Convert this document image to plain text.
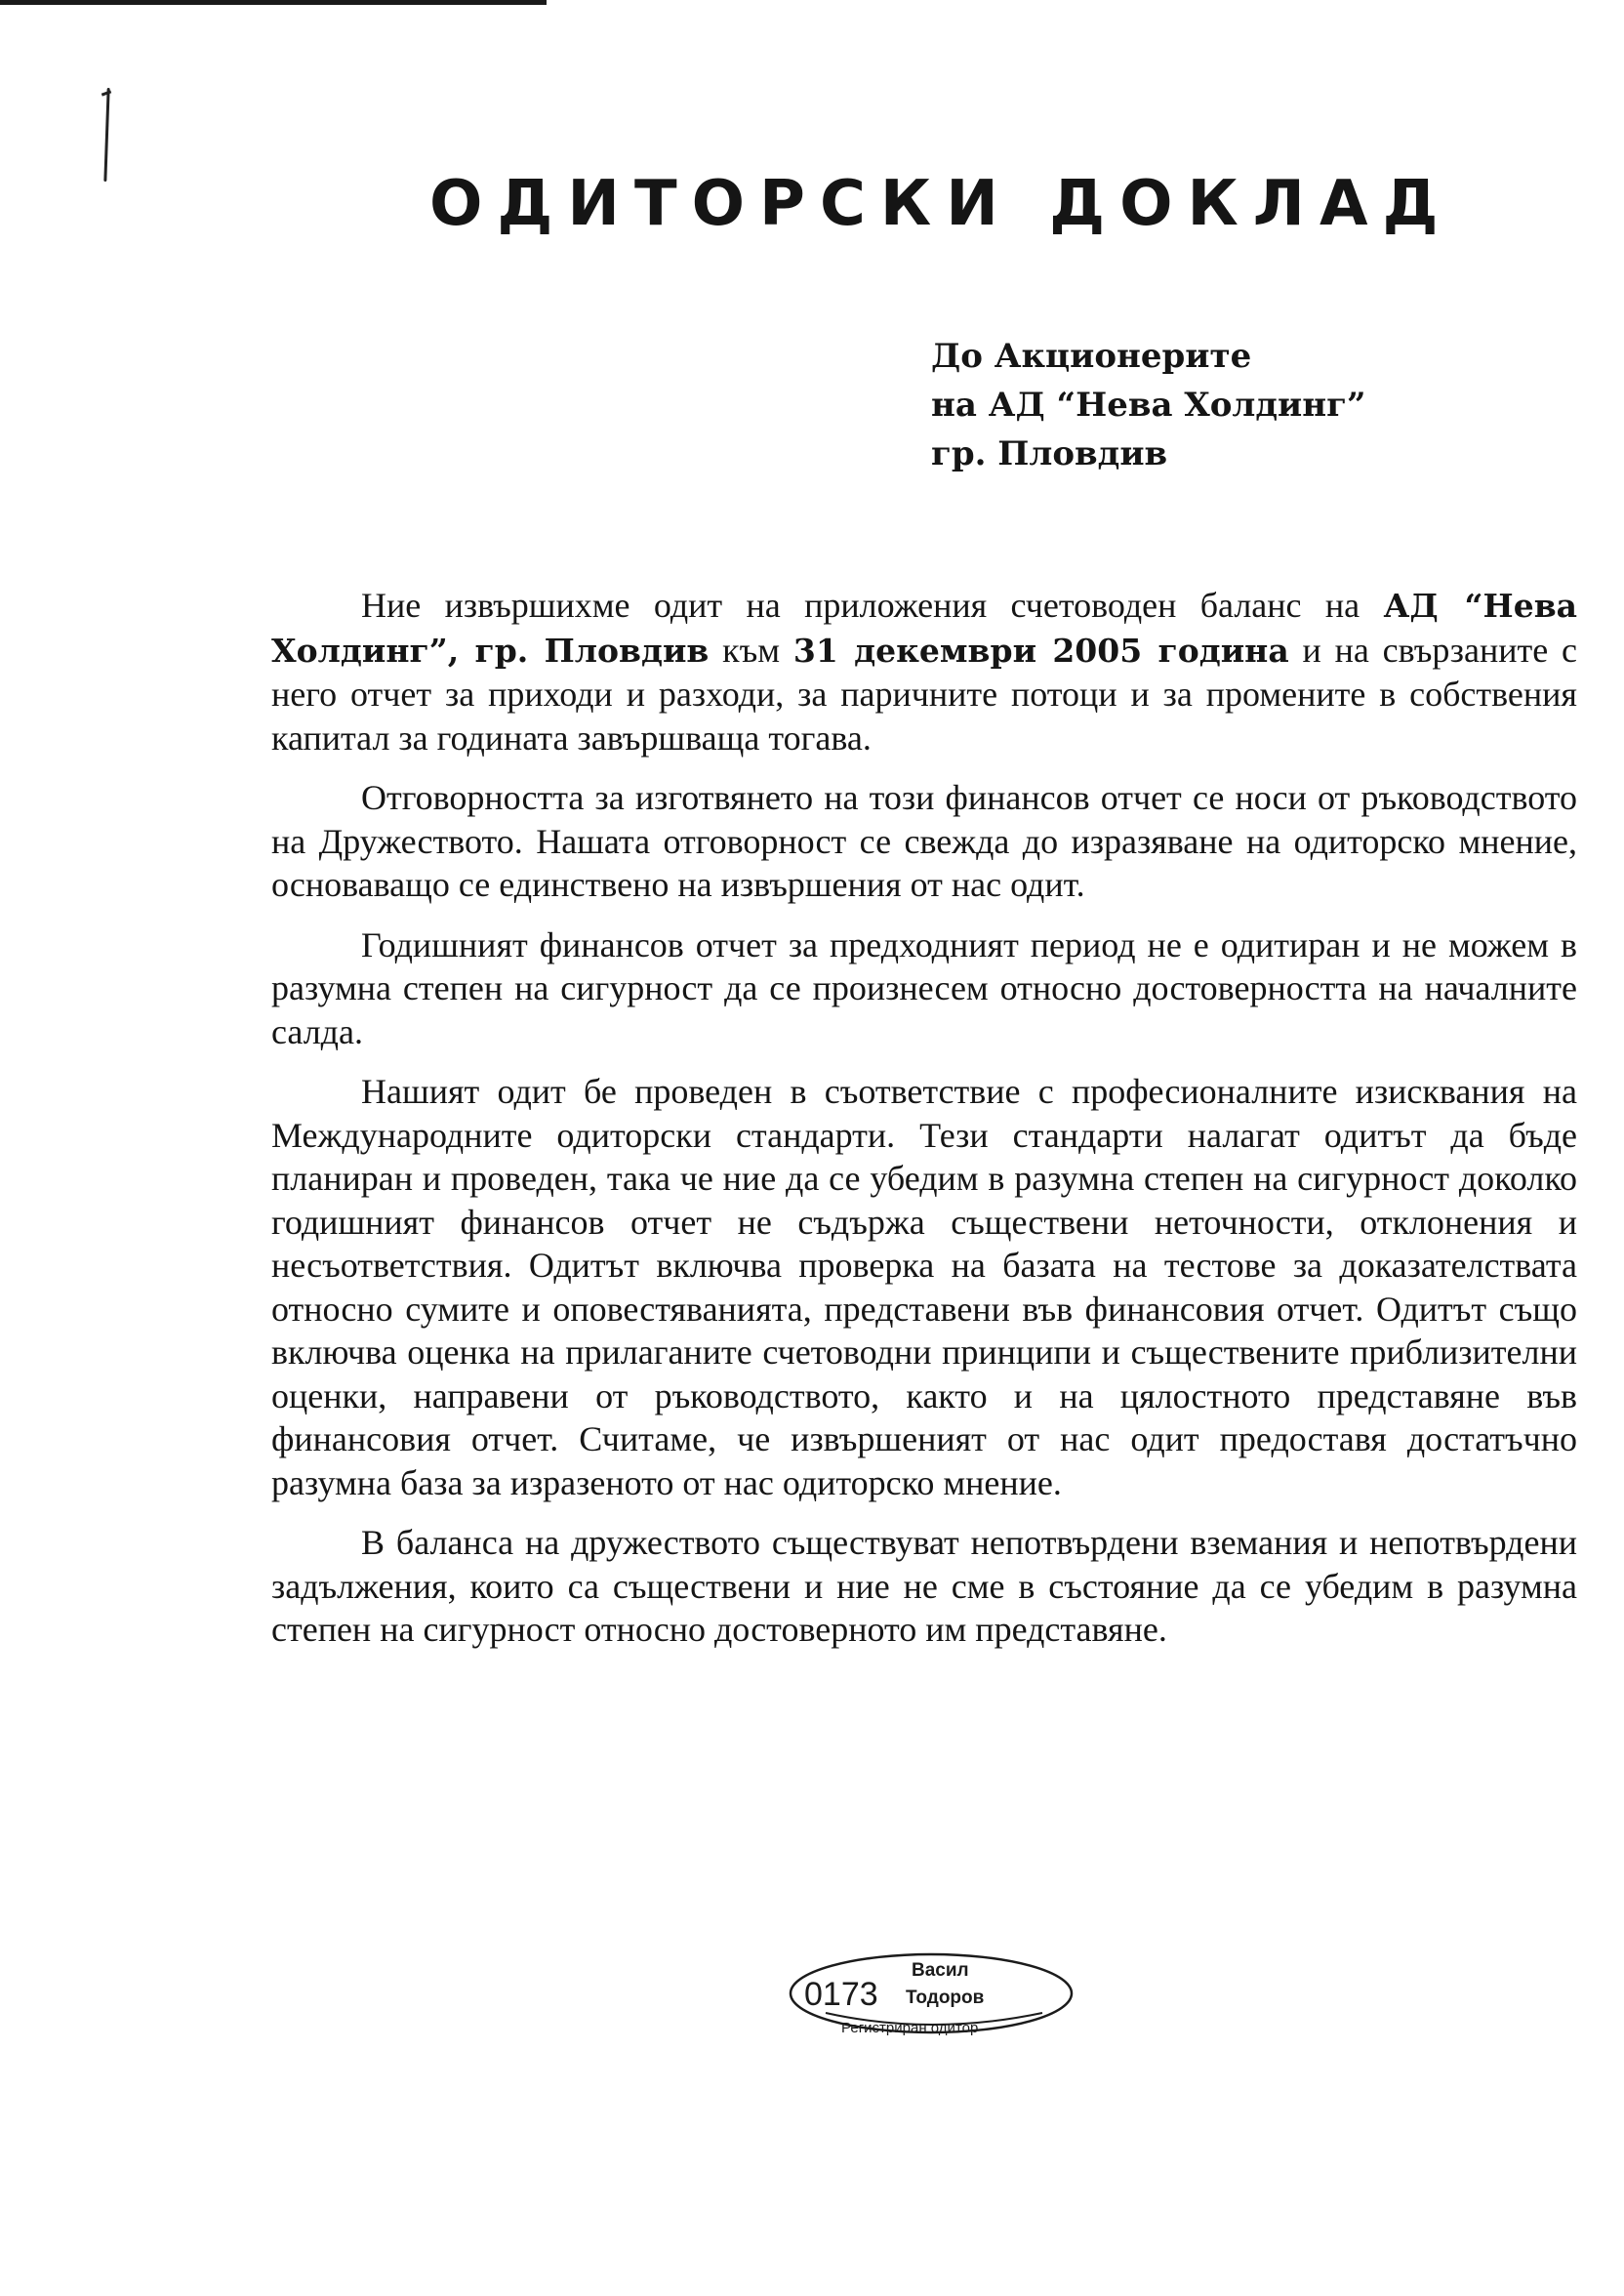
ОДИТОРСКИ ДОКЛАД
До Акционерите
на АД “Нева Холдинг”
гр. Пловдив

Ние извършихме одит на приложения счетоводен баланс на АД “Нева Холдинг”, гр. Пловдив към 31 декември 2005 година и на свързаните с него отчет за приходи и разходи, за паричните потоци и за промените в собствения капитал за годината завършваща тогава.

Отговорността за изготвянето на този финансов отчет се носи от ръководството на Дружеството. Нашата отговорност се свежда до изразяване на одиторско мнение, основаващо се единствено на извършения от нас одит.

Годишният финансов отчет за предходният период не е одитиран и не можем в разумна степен на сигурност да се произнесем относно достоверността на началните салда.

Нашият одит бе проведен в съответствие с професионалните изисквания на Международните одиторски стандарти. Тези стандарти налагат одитът да бъде планиран и проведен, така че ние да се убедим в разумна степен на сигурност доколко годишният финансов отчет не съдържа съществени неточности, отклонения и несъответствия. Одитът включва проверка на базата на тестове за доказателствата относно сумите и оповестяванията, представени във финансовия отчет. Одитът също включва оценка на прилаганите счетоводни принципи и съществените приблизителни оценки, направени от ръководството, както и на цялостното представяне във финансовия отчет. Считаме, че извършеният от нас одит предоставя достатъчно разумна база за изразеното от нас одиторско мнение.

В баланса на дружеството съществуват непотвърдени вземания и непотвърдени задължения, които са съществени и ние не сме в състояние да се убедим в разумна степен на сигурност относно достоверното им представяне.

0173
Васил
Тодоров
Регистриран одитор
